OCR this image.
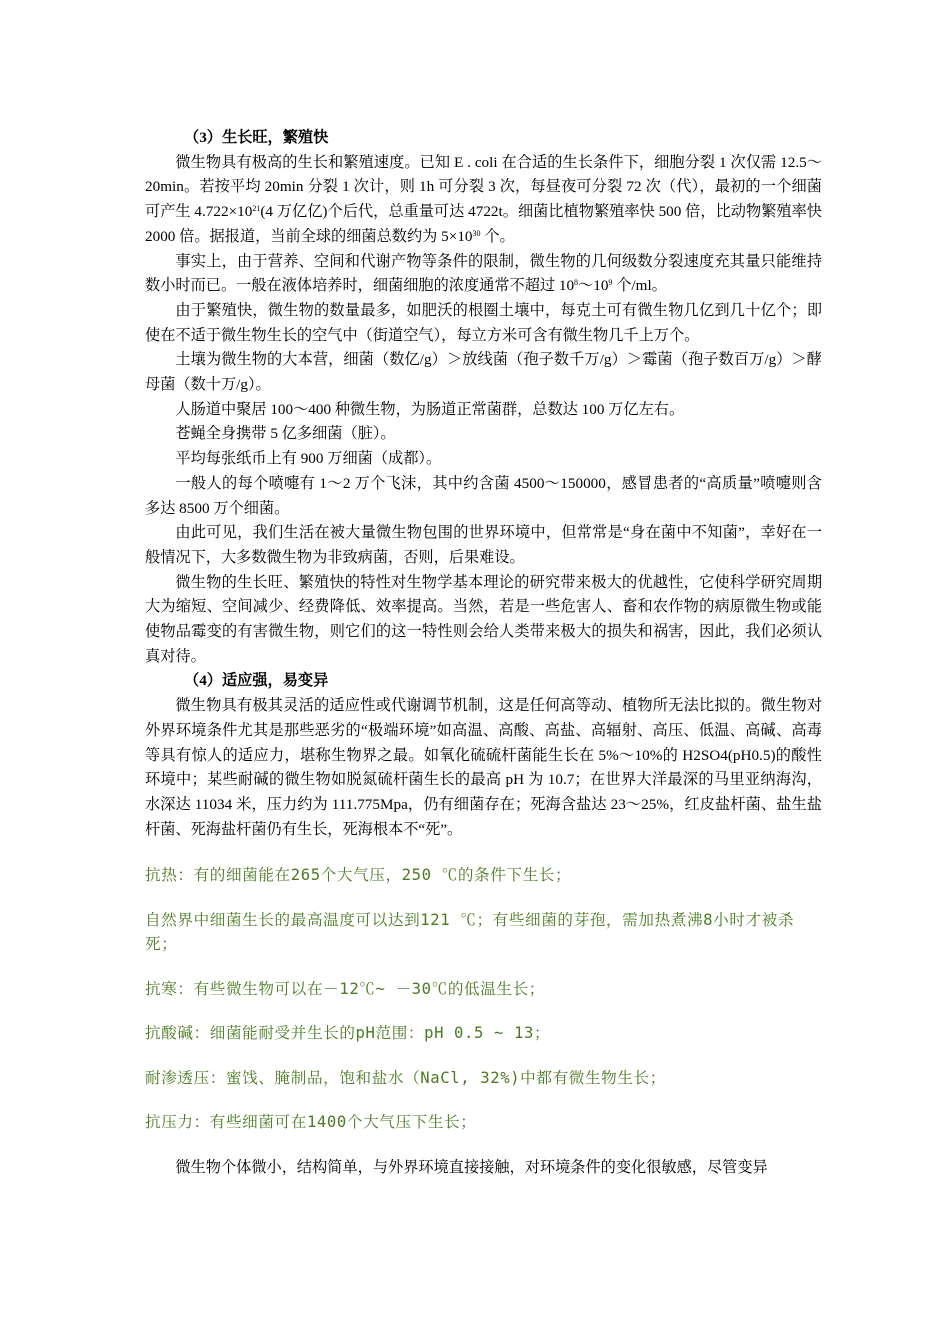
（3）生长旺，繁殖快

微生物具有极高的生长和繁殖速度。已知 E . coli 在合适的生长条件下，细胞分裂 1 次仅需 12.5～20min。若按平均 20min 分裂 1 次计，则 1h 可分裂 3 次，每昼夜可分裂 72 次（代），最初的一个细菌可产生 $4.722\times 10^{21}(4$ 万亿亿)个后代，总重量可达 4722t。细菌比植物繁殖率快 500 倍，比动物繁殖率快 2000 倍。据报道，当前全球的细菌总数约为 $5\times 10^{30}$ 个。

事实上，由于营养、空间和代谢产物等条件的限制，微生物的几何级数分裂速度充其量只能维持数小时而已。一般在液体培养时，细菌细胞的浓度通常不超过 $10^8\sim 10^9$ 个/ml。

由于繁殖快，微生物的数量最多，如肥沃的根圈土壤中，每克土可有微生物几亿到几十亿个；即使在不适于微生物生长的空气中（街道空气），每立方米可含有微生物几千上万个。

土壤为微生物的大本营，细菌（数亿/g）＞放线菌（孢子数千万/g）＞霉菌（孢子数百万/g）＞酵母菌（数十万/g）。

人肠道中聚居 100～400 种微生物，为肠道正常菌群，总数达 100 万亿左右。

苍蝇全身携带 5 亿多细菌（脏）。

平均每张纸币上有 900 万细菌（成都）。

一般人的每个喷嚏有 1～2 万个飞沫，其中约含菌 4500～150000，感冒患者的“高质量”喷嚏则含多达 8500 万个细菌。

由此可见，我们生活在被大量微生物包围的世界环境中，但常常是“身在菌中不知菌”，幸好在一般情况下，大多数微生物为非致病菌，否则，后果难设。

微生物的生长旺、繁殖快的特性对生物学基本理论的研究带来极大的优越性，它使科学研究周期大为缩短、空间减少、经费降低、效率提高。当然，若是一些危害人、畜和农作物的病原微生物或能使物品霉变的有害微生物，则它们的这一特性则会给人类带来极大的损失和祸害，因此，我们必须认真对待。

（4）适应强，易变异

微生物具有极其灵活的适应性或代谢调节机制，这是任何高等动、植物所无法比拟的。微生物对外界环境条件尤其是那些恶劣的“极端环境”如高温、高酸、高盐、高辐射、高压、低温、高碱、高毒等具有惊人的适应力，堪称生物界之最。如氧化硫硫杆菌能生长在 5%～10%的 H2SO4(pH0.5)的酸性环境中；某些耐碱的微生物如脱氮硫杆菌生长的最高 pH 为 10.7；在世界大洋最深的马里亚纳海沟，水深达 11034 米，压力约为 111.775Mpa，仍有细菌存在；死海含盐达 23～25%，红皮盐杆菌、盐生盐杆菌、死海盐杆菌仍有生长，死海根本不“死”。

抗热：有的细菌能在265个大气压，250 ℃的条件下生长；

自然界中细菌生长的最高温度可以达到121 ℃；有些细菌的芽孢，需加热煮沸8小时才被杀死；

抗寒：有些微生物可以在－12℃~ －30℃的低温生长；

抗酸碱：细菌能耐受并生长的pH范围：pH 0.5 ~ 13；

耐渗透压：蜜饯、腌制品，饱和盐水（NaCl, 32%)中都有微生物生长；

抗压力：有些细菌可在1400个大气压下生长；

微生物个体微小，结构简单，与外界环境直接接触，对环境条件的变化很敏感，尽管变异
